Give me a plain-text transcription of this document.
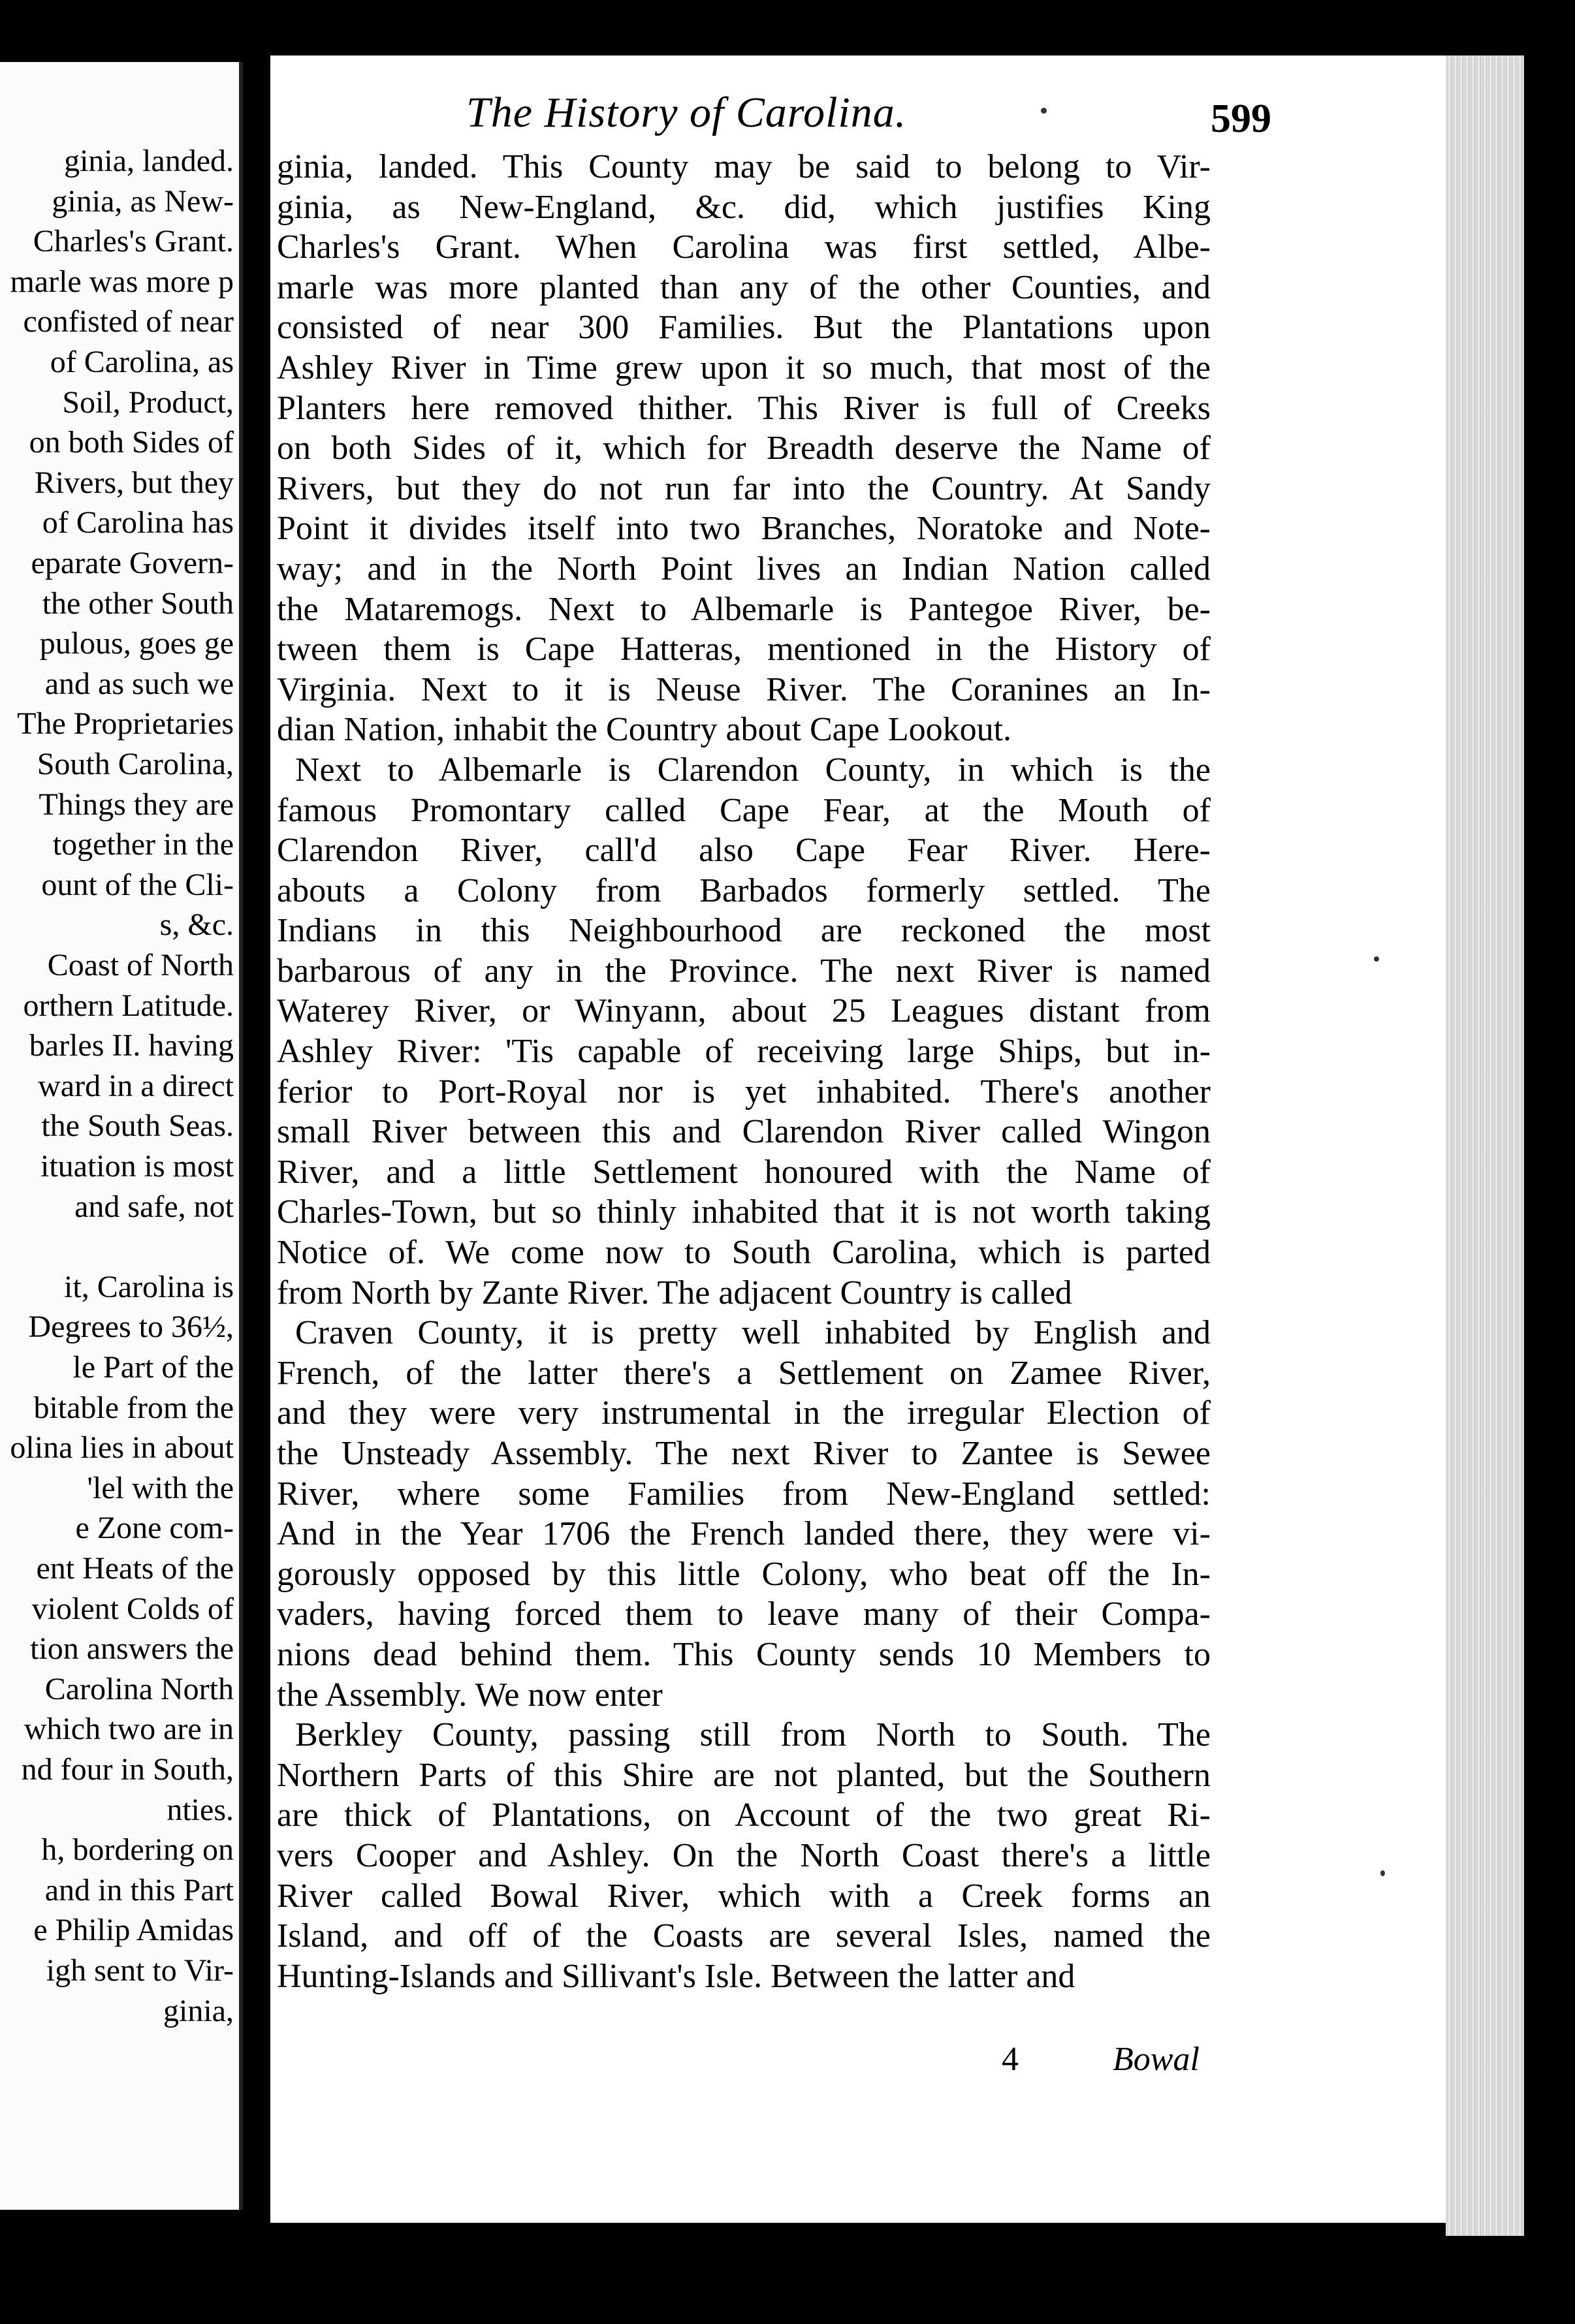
ginia, landed.
ginia, as New-
Charles's Grant.
marle was more p
confisted of near
of Carolina, as
Soil, Product,
on both Sides of
Rivers, but they
of Carolina has
eparate Govern-
the other South
pulous, goes ge
and as such we
The Proprietaries
South Carolina,
Things they are
together in the
ount of the Cli-
s, &c.
Coast of North
orthern Latitude.
barles II. having
ward in a direct
the South Seas.
ituation is most
and safe, not
it, Carolina is
Degrees to 36½,
le Part of the
bitable from the
olina lies in about
'lel with the
e Zone com-
ent Heats of the
violent Colds of
tion answers the
Carolina North
which two are in
nd four in South,
nties.
h, bordering on
and in this Part
e Philip Amidas
igh sent to Vir-
ginia,
The History of Carolina.	599
ginia, landed. This County may be said to belong to Vir-
ginia, as New-England, &c. did, which justifies King
Charles's Grant. When Carolina was first settled, Albe-
marle was more planted than any of the other Counties, and
consisted of near 300 Families. But the Plantations upon
Ashley River in Time grew upon it so much, that most of the
Planters here removed thither. This River is full of Creeks
on both Sides of it, which for Breadth deserve the Name of
Rivers, but they do not run far into the Country. At Sandy
Point it divides itself into two Branches, Noratoke and Note-
way; and in the North Point lives an Indian Nation called
the Mataremogs. Next to Albemarle is Pantegoe River, be-
tween them is Cape Hatteras, mentioned in the History of
Virginia. Next to it is Neuse River. The Coranines an In-
dian Nation, inhabit the Country about Cape Lookout.
Next to Albemarle is Clarendon County, in which is the
famous Promontary called Cape Fear, at the Mouth of
Clarendon River, call'd also Cape Fear River. Here-
abouts a Colony from Barbados formerly settled. The
Indians in this Neighbourhood are reckoned the most
barbarous of any in the Province. The next River is named
Waterey River, or Winyann, about 25 Leagues distant from
Ashley River: 'Tis capable of receiving large Ships, but in-
ferior to Port-Royal nor is yet inhabited. There's another
small River between this and Clarendon River called Wingon
River, and a little Settlement honoured with the Name of
Charles-Town, but so thinly inhabited that it is not worth taking
Notice of. We come now to South Carolina, which is parted
from North by Zante River. The adjacent Country is called
Craven County, it is pretty well inhabited by English and
French, of the latter there's a Settlement on Zamee River,
and they were very instrumental in the irregular Election of
the Unsteady Assembly. The next River to Zantee is Sewee
River, where some Families from New-England settled:
And in the Year 1706 the French landed there, they were vi-
gorously opposed by this little Colony, who beat off the In-
vaders, having forced them to leave many of their Compa-
nions dead behind them. This County sends 10 Members to
the Assembly. We now enter
Berkley County, passing still from North to South. The
Northern Parts of this Shire are not planted, but the Southern
are thick of Plantations, on Account of the two great Ri-
vers Cooper and Ashley. On the North Coast there's a little
River called Bowal River, which with a Creek forms an
Island, and off of the Coasts are several Isles, named the
Hunting-Islands and Sillivant's Isle. Between the latter and
4	Bowal
